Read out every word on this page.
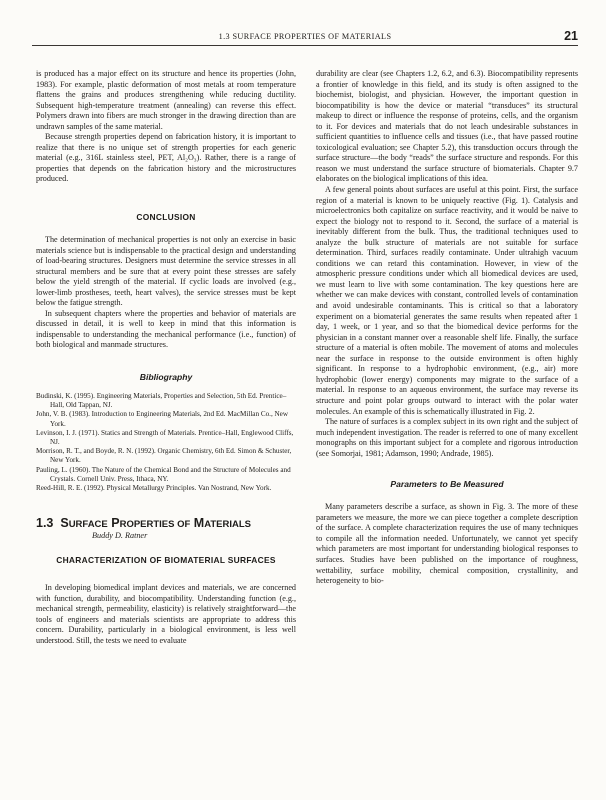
1.3 SURFACE PROPERTIES OF MATERIALS	21

is produced has a major effect on its structure and hence its properties (John, 1983). For example, plastic deformation of most metals at room temperature flattens the grains and produces strengthening while reducing ductility. Subsequent high-temperature treatment (annealing) can reverse this effect. Polymers drawn into fibers are much stronger in the drawing direction than are undrawn samples of the same material.

Because strength properties depend on fabrication history, it is important to realize that there is no unique set of strength properties for each generic material (e.g., 316L stainless steel, PET, Al₂O₃). Rather, there is a range of properties that depends on the fabrication history and the microstructures produced.

CONCLUSION

The determination of mechanical properties is not only an exercise in basic materials science but is indispensable to the practical design and understanding of load-bearing structures. Designers must determine the service stresses in all structural members and be sure that at every point these stresses are safely below the yield strength of the material. If cyclic loads are involved (e.g., lower-limb prostheses, teeth, heart valves), the service stresses must be kept below the fatigue strength.

In subsequent chapters where the properties and behavior of materials are discussed in detail, it is well to keep in mind that this information is indispensable to understanding the mechanical performance (i.e., function) of both biological and manmade structures.

Bibliography

Budinski, K. (1995). Engineering Materials, Properties and Selection, 5th Ed. Prentice–Hall, Old Tappan, NJ.

John, V. B. (1983). Introduction to Engineering Materials, 2nd Ed. MacMillan Co., New York.

Levinson, I. J. (1971). Statics and Strength of Materials. Prentice–Hall, Englewood Cliffs, NJ.

Morrison, R. T., and Boyde, R. N. (1992). Organic Chemistry, 6th Ed. Simon & Schuster, New York.

Pauling, L. (1960). The Nature of the Chemical Bond and the Structure of Molecules and Crystals. Cornell Univ. Press, Ithaca, NY.

Reed-Hill, R. E. (1992). Physical Metallurgy Principles. Van Nostrand, New York.

1.3 SURFACE PROPERTIES OF MATERIALS
Buddy D. Ratner
CHARACTERIZATION OF BIOMATERIAL SURFACES

In developing biomedical implant devices and materials, we are concerned with function, durability, and biocompatibility. Understanding function (e.g., mechanical strength, permeability, elasticity) is relatively straightforward—the tools of engineers and materials scientists are appropriate to address this concern. Durability, particularly in a biological environment, is less well understood. Still, the tests we need to evaluate

durability are clear (see Chapters 1.2, 6.2, and 6.3). Biocompatibility represents a frontier of knowledge in this field, and its study is often assigned to the biochemist, biologist, and physician. However, the important question in biocompatibility is how the device or material “transduces” its structural makeup to direct or influence the response of proteins, cells, and the organism to it. For devices and materials that do not leach undesirable substances in sufficient quantities to influence cells and tissues (i.e., that have passed routine toxicological evaluation; see Chapter 5.2), this transduction occurs through the surface structure—the body “reads” the surface structure and responds. For this reason we must understand the surface structure of biomaterials. Chapter 9.7 elaborates on the biological implications of this idea.

A few general points about surfaces are useful at this point. First, the surface region of a material is known to be uniquely reactive (Fig. 1). Catalysis and microelectronics both capitalize on surface reactivity, and it would be naive to expect the biology not to respond to it. Second, the surface of a material is inevitably different from the bulk. Thus, the traditional techniques used to analyze the bulk structure of materials are not suitable for surface determination. Third, surfaces readily contaminate. Under ultrahigh vacuum conditions we can retard this contamination. However, in view of the atmospheric pressure conditions under which all biomedical devices are used, we must learn to live with some contamination. The key questions here are whether we can make devices with constant, controlled levels of contamination and avoid undesirable contaminants. This is critical so that a laboratory experiment on a biomaterial generates the same results when repeated after 1 day, 1 week, or 1 year, and so that the biomedical device performs for the physician in a constant manner over a reasonable shelf life. Finally, the surface structure of a material is often mobile. The movement of atoms and molecules near the surface in response to the outside environment is often highly significant. In response to a hydrophobic environment, (e.g., air) more hydrophobic (lower energy) components may migrate to the surface of a material. In response to an aqueous environment, the surface may reverse its structure and point polar groups outward to interact with the polar water molecules. An example of this is schematically illustrated in Fig. 2.

The nature of surfaces is a complex subject in its own right and the subject of much independent investigation. The reader is referred to one of many excellent monographs on this important subject for a complete and rigorous introduction (see Somorjai, 1981; Adamson, 1990; Andrade, 1985).

Parameters to Be Measured

Many parameters describe a surface, as shown in Fig. 3. The more of these parameters we measure, the more we can piece together a complete description of the surface. A complete characterization requires the use of many techniques to compile all the information needed. Unfortunately, we cannot yet specify which parameters are most important for understanding biological responses to surfaces. Studies have been published on the importance of roughness, wettability, surface mobility, chemical composition, crystallinity, and heterogeneity to bio-
